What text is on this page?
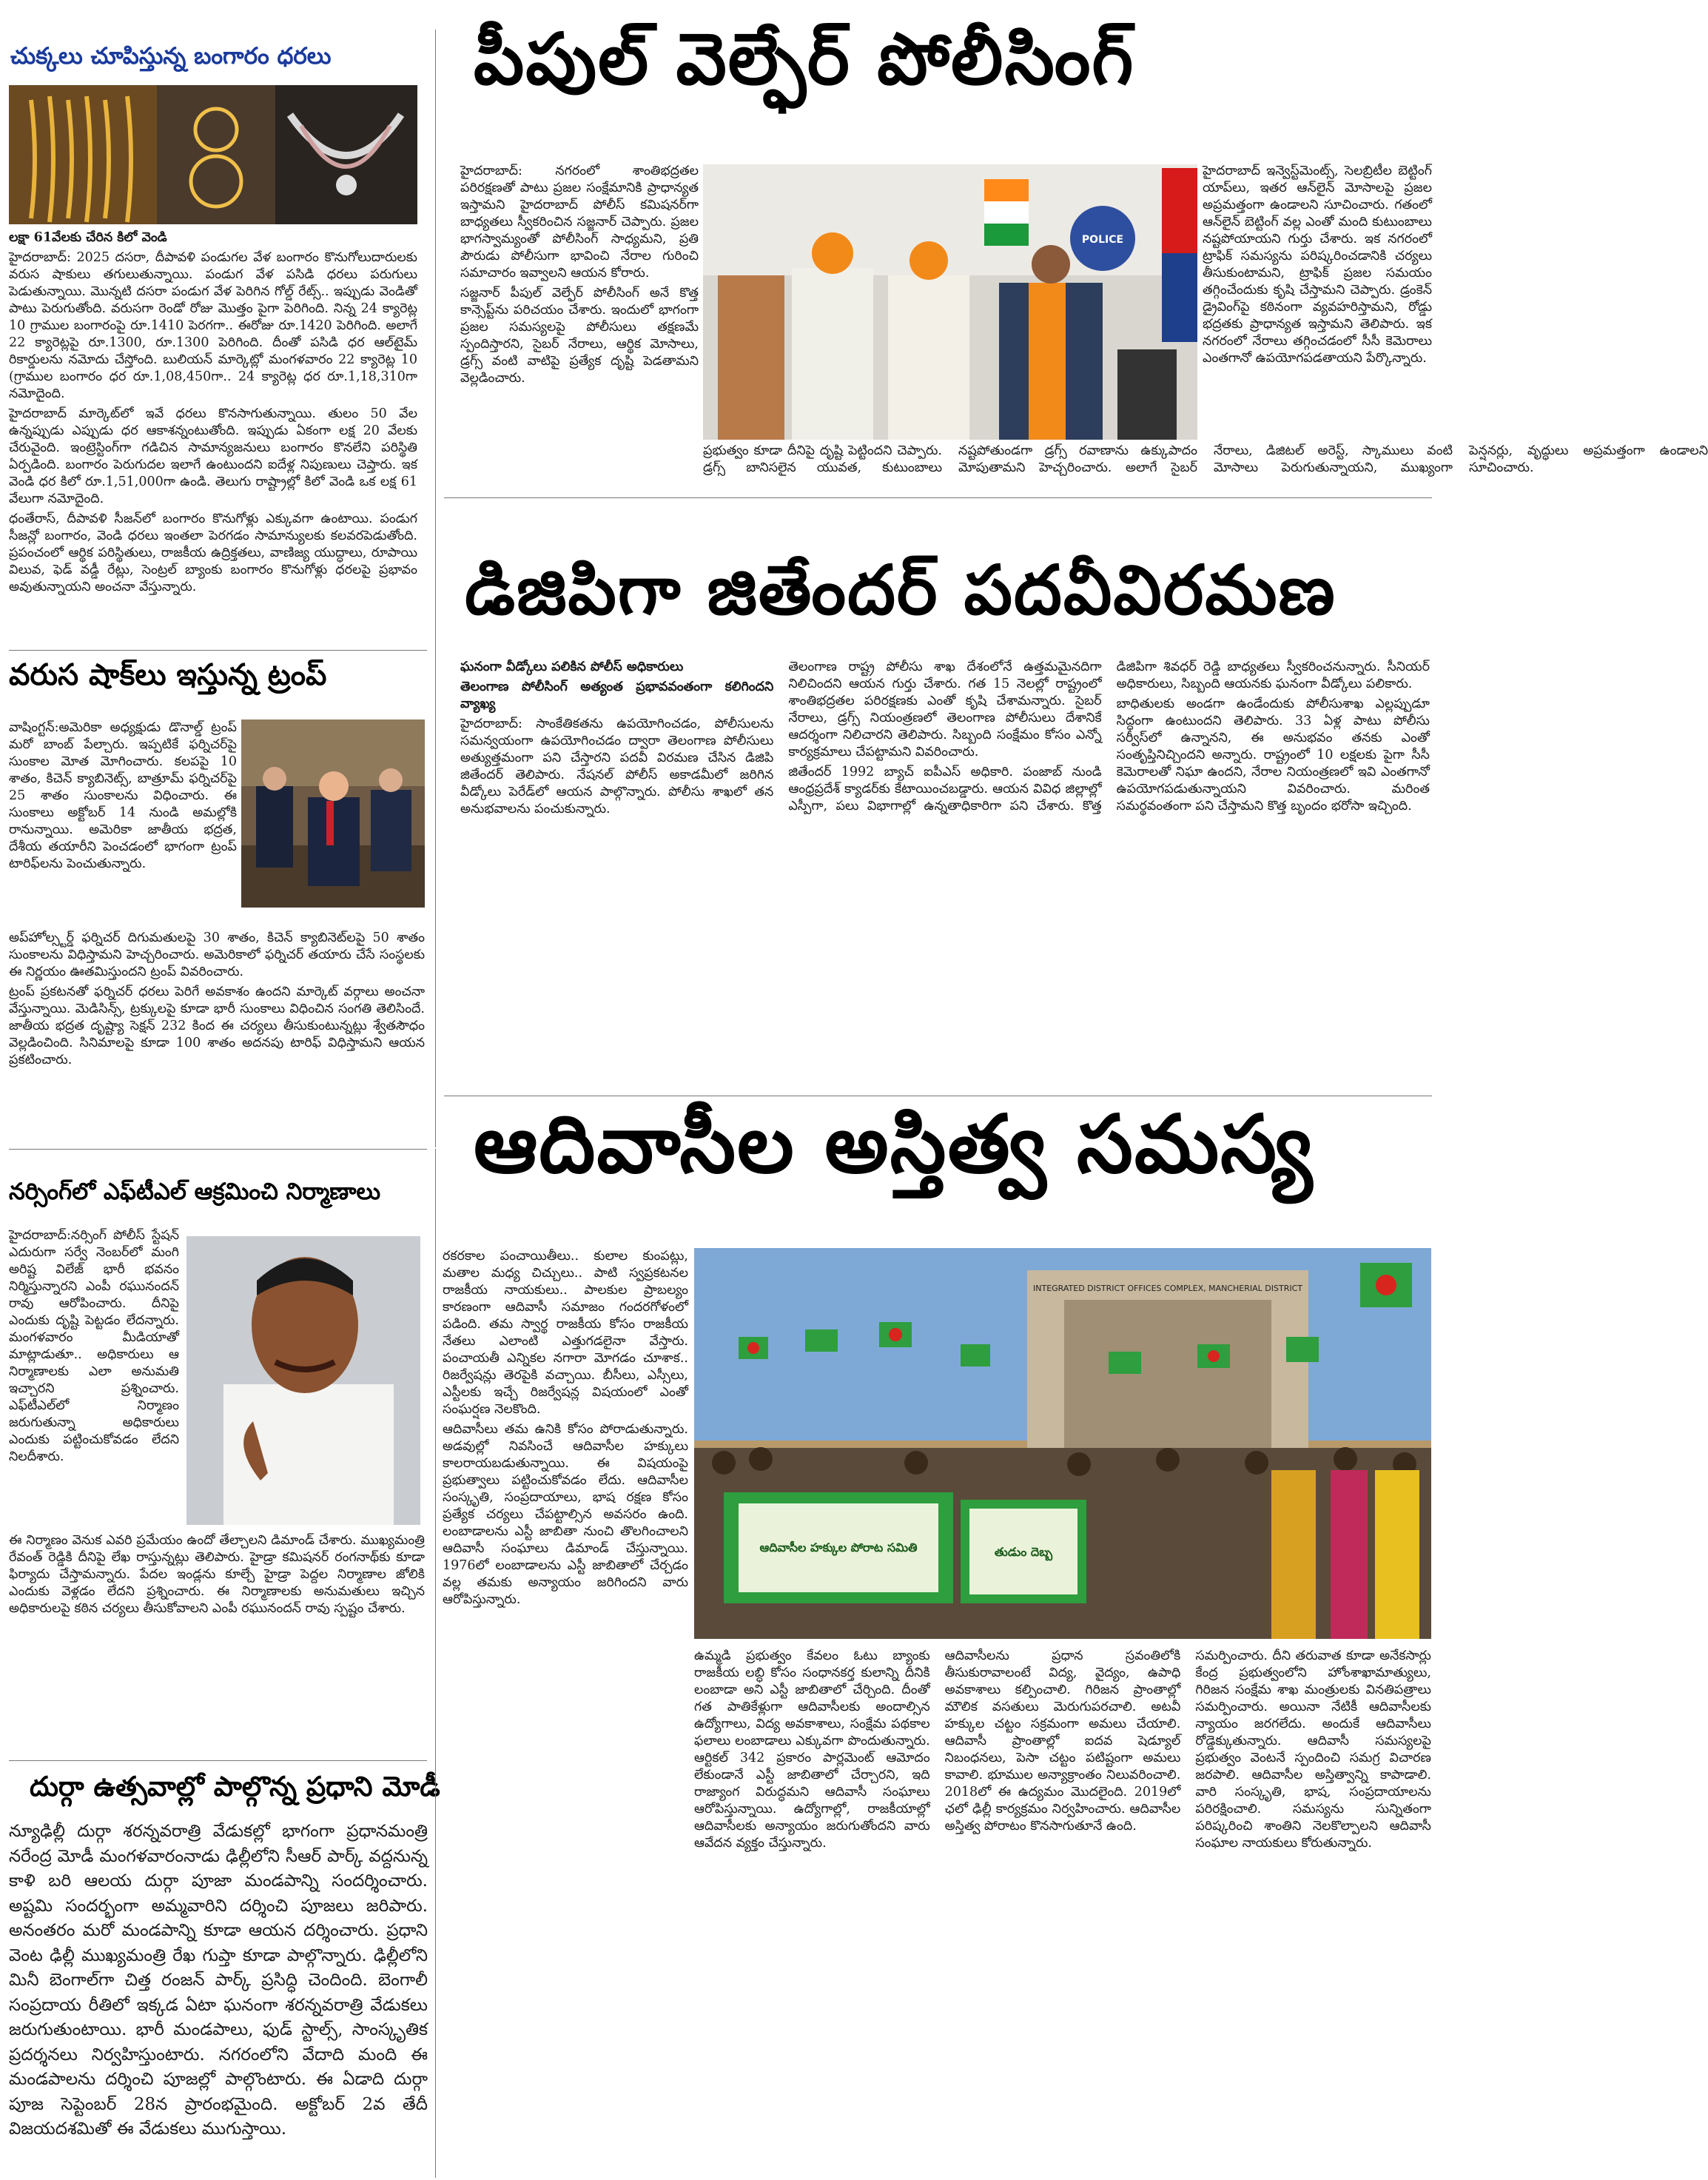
చుక్కలు చూపిస్తున్న బంగారం ధరలు

లక్షా 61వేలకు చేరిన కిలో వెండి

హైదరాబాద్: 2025 దసరా, దీపావళి పండుగల వేళ బంగారం కొనుగోలుదారులకు వరుస షాకులు తగులుతున్నాయి. పండుగ వేళ పసిడి ధరలు పరుగులు పెడుతున్నాయి. మొన్నటి దసరా పండుగ వేళ పెరిగిన గోల్డ్ రేట్స్.. ఇప్పుడు వెండితో పాటు పెరుగుతోంది. వరుసగా రెండో రోజు మొత్తం పైగా పెరిగింది. నిన్న 24 క్యారెట్ల 10 గ్రాముల బంగారంపై రూ.1410 పెరగగా.. ఈరోజు రూ.1420 పెరిగింది. అలాగే 22 క్యారెట్లపై రూ.1300, రూ.1300 పెరిగింది. దీంతో పసిడి ధర ఆల్‌టైమ్ రికార్డులను నమోదు చేస్తోంది. బులియన్ మార్కెట్లో మంగళవారం 22 క్యారెట్ల 10 (గ్రాముల బంగారం ధర రూ.1,08,450గా.. 24 క్యారెట్ల ధర రూ.1,18,310గా నమోదైంది.

హైదరాబాద్ మార్కెట్‌లో ఇవే ధరలు కొనసాగుతున్నాయి. తులం 50 వేల ఉన్నప్పుడు ఎప్పుడు ధర ఆకాశన్నంటుతోంది. ఇప్పుడు ఏకంగా లక్ష 20 వేలకు చేరువైంది. ఇంట్రెస్టింగ్‌గా గడిచిన సామాన్యజనులు బంగారం కొనలేని పరిస్థితి ఏర్పడింది. బంగారం పెరుగుదల ఇలాగే ఉంటుందని ఐదేళ్ల నిపుణులు చెప్తారు. ఇక వెండి ధర కిలో రూ.1,51,000గా ఉండి. తెలుగు రాష్ట్రాల్లో కిలో వెండి ఒక లక్ష 61 వేలుగా నమోదైంది.

ధంతేరాస్, దీపావళి సీజన్‌లో బంగారం కొనుగోళ్లు ఎక్కువగా ఉంటాయి. పండుగ సీజన్లో బంగారం, వెండి ధరలు ఇంతలా పెరగడం సామాన్యులకు కలవరపెడుతోంది. ప్రపంచంలో ఆర్థిక పరిస్థితులు, రాజకీయ ఉద్రిక్తతలు, వాణిజ్య యుద్ధాలు, రూపాయి విలువ, ఫెడ్ వడ్డీ రేట్లు, సెంట్రల్ బ్యాంకు బంగారం కొనుగోళ్లు ధరలపై ప్రభావం అవుతున్నాయని అంచనా వేస్తున్నారు.

పీపుల్ వెల్ఫేర్ పోలీసింగ్

హైదరాబాద్: నగరంలో శాంతిభద్రతల పరిరక్షణతో పాటు ప్రజల సంక్షేమానికి ప్రాధాన్యత ఇస్తామని హైదరాబాద్ పోలీస్ కమిషనర్‌గా బాధ్యతలు స్వీకరించిన సజ్జనార్ చెప్పారు. ప్రజల భాగస్వామ్యంతో పోలీసింగ్ సాధ్యమని, ప్రతి పౌరుడు పోలీసుగా భావించి నేరాల గురించి సమాచారం ఇవ్వాలని ఆయన కోరారు.

సజ్జనార్ పీపుల్ వెల్ఫేర్ పోలీసింగ్ అనే కొత్త కాన్సెప్ట్‌ను పరిచయం చేశారు. ఇందులో భాగంగా ప్రజల సమస్యలపై పోలీసులు తక్షణమే స్పందిస్తారని, సైబర్ నేరాలు, ఆర్థిక మోసాలు, డ్రగ్స్ వంటి వాటిపై ప్రత్యేక దృష్టి పెడతామని వెల్లడించారు.

POLICE

హైదరాబాద్ ఇన్వెస్ట్‌మెంట్స్, సెలబ్రిటీల బెట్టింగ్ యాప్‌లు, ఇతర ఆన్‌లైన్ మోసాలపై ప్రజల అప్రమత్తంగా ఉండాలని సూచించారు. గతంలో ఆన్‌లైన్ బెట్టింగ్ వల్ల ఎంతో మంది కుటుంబాలు నష్టపోయాయని గుర్తు చేశారు. ఇక నగరంలో ట్రాఫిక్ సమస్యను పరిష్కరించడానికి చర్యలు తీసుకుంటామని, ట్రాఫిక్ ప్రజల సమయం తగ్గించేందుకు కృషి చేస్తామని చెప్పారు. డ్రంకెన్ డ్రైవింగ్‌పై కఠినంగా వ్యవహరిస్తామని, రోడ్డు భద్రతకు ప్రాధాన్యత ఇస్తామని తెలిపారు. ఇక నగరంలో నేరాలు తగ్గించడంలో సీసీ కెమెరాలు ఎంతగానో ఉపయోగపడతాయని పేర్కొన్నారు.

ప్రభుత్వం కూడా దీనిపై దృష్టి పెట్టిందని చెప్పారు. డ్రగ్స్ బానిసలైన యువత, కుటుంబాలు నష్టపోతుండగా డ్రగ్స్ రవాణాను ఉక్కుపాదం మోపుతామని హెచ్చరించారు. అలాగే సైబర్ నేరాలు, డిజిటల్ అరెస్ట్, స్కాములు వంటి మోసాలు పెరుగుతున్నాయని, ముఖ్యంగా పెన్షనర్లు, వృద్ధులు అప్రమత్తంగా ఉండాలని సూచించారు.

వరుస షాక్‌లు ఇస్తున్న ట్రంప్

వాషింగ్టన్:అమెరికా అధ్యక్షుడు డొనాల్డ్ ట్రంప్ మరో బాంబ్ పేల్చారు. ఇప్పటికే ఫర్నిచర్‌పై సుంకాల మోత మోగించారు. కలపపై 10 శాతం, కిచెన్ క్యాబినెట్స్, బాత్రూమ్ ఫర్నిచర్‌పై 25 శాతం సుంకాలను విధించారు. ఈ సుంకాలు అక్టోబర్ 14 నుండి అమల్లోకి రానున్నాయి. అమెరికా జాతీయ భద్రత, దేశీయ తయారీని పెంచడంలో భాగంగా ట్రంప్ టారిఫ్‌లను పెంచుతున్నారు.

అప్‌హోల్స్టర్డ్ ఫర్నిచర్ దిగుమతులపై 30 శాతం, కిచెన్ క్యాబినెట్‌లపై 50 శాతం సుంకాలను విధిస్తామని హెచ్చరించారు. అమెరికాలో ఫర్నిచర్ తయారు చేసే సంస్థలకు ఈ నిర్ణయం ఊతమిస్తుందని ట్రంప్ వివరించారు.

ట్రంప్ ప్రకటనతో ఫర్నిచర్ ధరలు పెరిగే అవకాశం ఉందని మార్కెట్ వర్గాలు అంచనా వేస్తున్నాయి. మెడిసిన్స్, ట్రక్కులపై కూడా భారీ సుంకాలు విధించిన సంగతి తెలిసిందే. జాతీయ భద్రత దృష్ట్యా సెక్షన్ 232 కింద ఈ చర్యలు తీసుకుంటున్నట్లు శ్వేతసౌధం వెల్లడించింది. సినిమాలపై కూడా 100 శాతం అదనపు టారిఫ్‌ విధిస్తామని ఆయన ప్రకటించారు.

డిజిపిగా జితేందర్ పదవీవిరమణ

ఘనంగా వీడ్కోలు పలికిన పోలీస్ అధికారులు

తెలంగాణ పోలీసింగ్ అత్యంత ప్రభావవంతంగా కలిగిందని వ్యాఖ్య

హైదరాబాద్: సాంకేతికతను ఉపయోగించడం, పోలీసులను సమన్వయంగా ఉపయోగించడం ద్వారా తెలంగాణ పోలీసులు అత్యుత్తమంగా పని చేస్తారని పదవీ విరమణ చేసిన డిజిపి జితేందర్ తెలిపారు. నేషనల్ పోలీస్ అకాడమీలో జరిగిన వీడ్కోలు పెరేడ్‌లో ఆయన పాల్గొన్నారు. పోలీసు శాఖలో తన అనుభవాలను పంచుకున్నారు.

తెలంగాణ రాష్ట్ర పోలీసు శాఖ దేశంలోనే ఉత్తమమైనదిగా నిలిచిందని ఆయన గుర్తు చేశారు. గత 15 నెలల్లో రాష్ట్రంలో శాంతిభద్రతల పరిరక్షణకు ఎంతో కృషి చేశామన్నారు. సైబర్ నేరాలు, డ్రగ్స్ నియంత్రణలో తెలంగాణ పోలీసులు దేశానికే ఆదర్శంగా నిలిచారని తెలిపారు. సిబ్బంది సంక్షేమం కోసం ఎన్నో కార్యక్రమాలు చేపట్టామని వివరించారు.

జితేందర్ 1992 బ్యాచ్ ఐపీఎస్ అధికారి. పంజాబ్ నుండి ఆంధ్రప్రదేశ్ క్యాడర్‌కు కేటాయించబడ్డారు. ఆయన వివిధ జిల్లాల్లో ఎస్పీగా, పలు విభాగాల్లో ఉన్నతాధికారిగా పని చేశారు. కొత్త డిజిపిగా శివధర్ రెడ్డి బాధ్యతలు స్వీకరించనున్నారు. సీనియర్ అధికారులు, సిబ్బంది ఆయనకు ఘనంగా వీడ్కోలు పలికారు.

బాధితులకు అండగా ఉండేందుకు పోలీసుశాఖ ఎల్లప్పుడూ సిద్ధంగా ఉంటుందని తెలిపారు. 33 ఏళ్ల పాటు పోలీసు సర్వీస్‌లో ఉన్నానని, ఈ అనుభవం తనకు ఎంతో సంతృప్తినిచ్చిందని అన్నారు. రాష్ట్రంలో 10 లక్షలకు పైగా సీసీ కెమెరాలతో నిఘా ఉందని, నేరాల నియంత్రణలో ఇవి ఎంతగానో ఉపయోగపడుతున్నాయని వివరించారు. మరింత సమర్థవంతంగా పని చేస్తామని కొత్త బృందం భరోసా ఇచ్చింది.

నర్సింగ్‌లో ఎఫ్‌టీఎల్ ఆక్రమించి నిర్మాణాలు

హైదరాబాద్:నర్సింగ్ పోలీస్ స్టేషన్ ఎదురుగా సర్వే నెంబర్‌లో మంగి అరిష్ట విలేజ్ భారీ భవనం నిర్మిస్తున్నారని ఎంపీ రఘునందన్ రావు ఆరోపించారు. దీనిపై ఎందుకు దృష్టి పెట్టడం లేదన్నారు. మంగళవారం మీడియాతో మాట్లాడుతూ.. అధికారులు ఆ నిర్మాణాలకు ఎలా అనుమతి ఇచ్చారని ప్రశ్నించారు. ఎఫ్‌టీఎల్‌లో నిర్మాణం జరుగుతున్నా అధికారులు ఎందుకు పట్టించుకోవడం లేదని నిలదీశారు.

ఈ నిర్మాణం వెనుక ఎవరి ప్రమేయం ఉందో తేల్చాలని డిమాండ్ చేశారు. ముఖ్యమంత్రి రేవంత్ రెడ్డికి దీనిపై లేఖ రాస్తున్నట్లు తెలిపారు. హైడ్రా కమిషనర్ రంగనాథ్‌కు కూడా ఫిర్యాదు చేస్తామన్నారు. పేదల ఇండ్లను కూల్చే హైడ్రా పెద్దల నిర్మాణాల జోలికి ఎందుకు వెళ్లడం లేదని ప్రశ్నించారు. ఈ నిర్మాణాలకు అనుమతులు ఇచ్చిన అధికారులపై కఠిన చర్యలు తీసుకోవాలని ఎంపీ రఘునందన్ రావు స్పష్టం చేశారు.

దుర్గా ఉత్సవాల్లో పాల్గొన్న ప్రధాని మోడీ

న్యూఢిల్లీ దుర్గా శరన్నవరాత్రి వేడుకల్లో భాగంగా ప్రధానమంత్రి నరేంద్ర మోడీ మంగళవారంనాడు ఢిల్లీలోని సీఆర్ పార్క్ వద్దనున్న కాళి బరి ఆలయ దుర్గా పూజా మండపాన్ని సందర్శించారు. అష్టమి సందర్భంగా అమ్మవారిని దర్శించి పూజలు జరిపారు. అనంతరం మరో మండపాన్ని కూడా ఆయన దర్శించారు. ప్రధాని వెంట ఢిల్లీ ముఖ్యమంత్రి రేఖ గుప్తా కూడా పాల్గొన్నారు. ఢిల్లీలోని మినీ బెంగాల్‌గా చిత్త రంజన్ పార్క్ ప్రసిద్ధి చెందింది. బెంగాలీ సంప్రదాయ రీతిలో ఇక్కడ ఏటా ఘనంగా శరన్నవరాత్రి వేడుకలు జరుగుతుంటాయి. భారీ మండపాలు, ఫుడ్ స్టాల్స్, సాంస్కృతిక ప్రదర్శనలు నిర్వహిస్తుంటారు. నగరంలోని వేదాది మంది ఈ మండపాలను దర్శించి పూజల్లో పాల్గొంటారు. ఈ ఏడాది దుర్గా పూజ సెప్టెంబర్ 28న ప్రారంభమైంది. అక్టోబర్ 2వ తేదీ విజయదశమితో ఈ వేడుకలు ముగుస్తాయి.

ఆదివాసీల అస్తిత్వ సమస్య

రకరకాల పంచాయితీలు.. కులాల కుంపట్లు, మతాల మధ్య చిచ్చులు.. పాటి స్వప్రకటనల రాజకీయ నాయకులు.. పాలకుల ప్రాబల్యం కారణంగా ఆదివాసీ సమాజం గందరగోళంలో పడింది. తమ స్వార్థ రాజకీయ కోసం రాజకీయ నేతలు ఎలాంటి ఎత్తుగడలైనా వేస్తారు. పంచాయతీ ఎన్నికల నగారా మోగడం చూశాక.. రిజర్వేషన్లు తెరపైకి వచ్చాయి. బీసీలు, ఎస్సీలు, ఎస్టీలకు ఇచ్చే రిజర్వేషన్ల విషయంలో ఎంతో సంఘర్షణ నెలకొంది.

ఆదివాసీలు తమ ఉనికి కోసం పోరాడుతున్నారు. అడవుల్లో నివసించే ఆదివాసీల హక్కులు కాలరాయబడుతున్నాయి. ఈ విషయంపై ప్రభుత్వాలు పట్టించుకోవడం లేదు. ఆదివాసీల సంస్కృతి, సంప్రదాయాలు, భాష రక్షణ కోసం ప్రత్యేక చర్యలు చేపట్టాల్సిన అవసరం ఉంది. లంబాడాలను ఎస్టీ జాబితా నుంచి తొలగించాలని ఆదివాసీ సంఘాలు డిమాండ్ చేస్తున్నాయి. 1976లో లంబాడాలను ఎస్టీ జాబితాలో చేర్చడం వల్ల తమకు అన్యాయం జరిగిందని వారు ఆరోపిస్తున్నారు.

INTEGRATED DISTRICT OFFICES COMPLEX, MANCHERIAL DISTRICT
ఆదివాసీల హక్కుల పోరాట సమితి	తుడుం దెబ్బ

ఉమ్మడి ప్రభుత్వం కేవలం ఓటు బ్యాంకు రాజకీయ లబ్ధి కోసం సంధానకర్త కులాన్ని దీనికి లంబాడా అని ఎస్టీ జాబితాలో చేర్చింది. దీంతో గత పాతికేళ్లుగా ఆదివాసీలకు అందాల్సిన ఉద్యోగాలు, విద్య అవకాశాలు, సంక్షేమ పథకాల ఫలాలు లంబాడాలు ఎక్కువగా పొందుతున్నారు. ఆర్టికల్ 342 ప్రకారం పార్లమెంట్ ఆమోదం లేకుండానే ఎస్టీ జాబితాలో చేర్చారని, ఇది రాజ్యాంగ విరుద్ధమని ఆదివాసీ సంఘాలు ఆరోపిస్తున్నాయి. ఉద్యోగాల్లో, రాజకీయాల్లో ఆదివాసీలకు అన్యాయం జరుగుతోందని వారు ఆవేదన వ్యక్తం చేస్తున్నారు.

ఆదివాసీలను ప్రధాన స్రవంతిలోకి తీసుకురావాలంటే విద్య, వైద్యం, ఉపాధి అవకాశాలు కల్పించాలి. గిరిజన ప్రాంతాల్లో మౌలిక వసతులు మెరుగుపరచాలి. అటవీ హక్కుల చట్టం సక్రమంగా అమలు చేయాలి. ఆదివాసీ ప్రాంతాల్లో ఐదవ షెడ్యూల్ నిబంధనలు, పెసా చట్టం పటిష్టంగా అమలు కావాలి. భూముల అన్యాక్రాంతం నిలువరించాలి. 2018లో ఈ ఉద్యమం మొదలైంది. 2019లో ఛలో ఢిల్లీ కార్యక్రమం నిర్వహించారు. ఆదివాసీల అస్తిత్వ పోరాటం కొనసాగుతూనే ఉంది.

సమర్పించారు. దీని తరువాత కూడా అనేకసార్లు కేంద్ర ప్రభుత్వంలోని హోంశాఖామాత్యులు, గిరిజన సంక్షేమ శాఖ మంత్రులకు వినతిపత్రాలు సమర్పించారు. అయినా నేటికీ ఆదివాసీలకు న్యాయం జరగలేదు. అందుకే ఆదివాసీలు రోడ్డెక్కుతున్నారు. ఆదివాసీ సమస్యలపై ప్రభుత్వం వెంటనే స్పందించి సమగ్ర విచారణ జరపాలి. ఆదివాసీల అస్తిత్వాన్ని కాపాడాలి. వారి సంస్కృతి, భాష, సంప్రదాయాలను పరిరక్షించాలి. సమస్యను సున్నితంగా పరిష్కరించి శాంతిని నెలకొల్పాలని ఆదివాసీ సంఘాల నాయకులు కోరుతున్నారు.
